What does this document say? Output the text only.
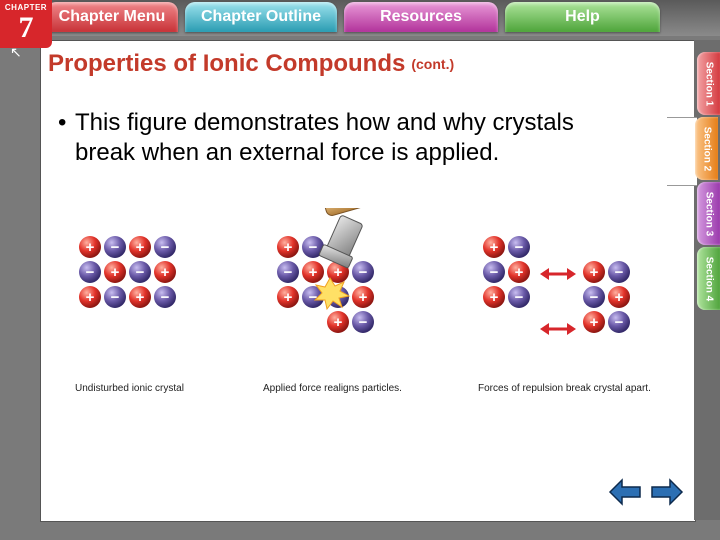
CHAPTER
7
↖
Chapter Menu	Chapter Outline	Resources	Help
Section 1
Section 2
Section 3
Section 4
Properties of Ionic Compounds (cont.)
• This figure demonstrates how and why crystals break when an external force is applied.
+ − + −
− + − +
+ − + −
+ −
− + + −
+ −	+
+ −
+ −
− +
+ −
+ −
− +
+ −
Undisturbed ionic crystal	Applied force realigns particles.	Forces of repulsion break crystal apart.
